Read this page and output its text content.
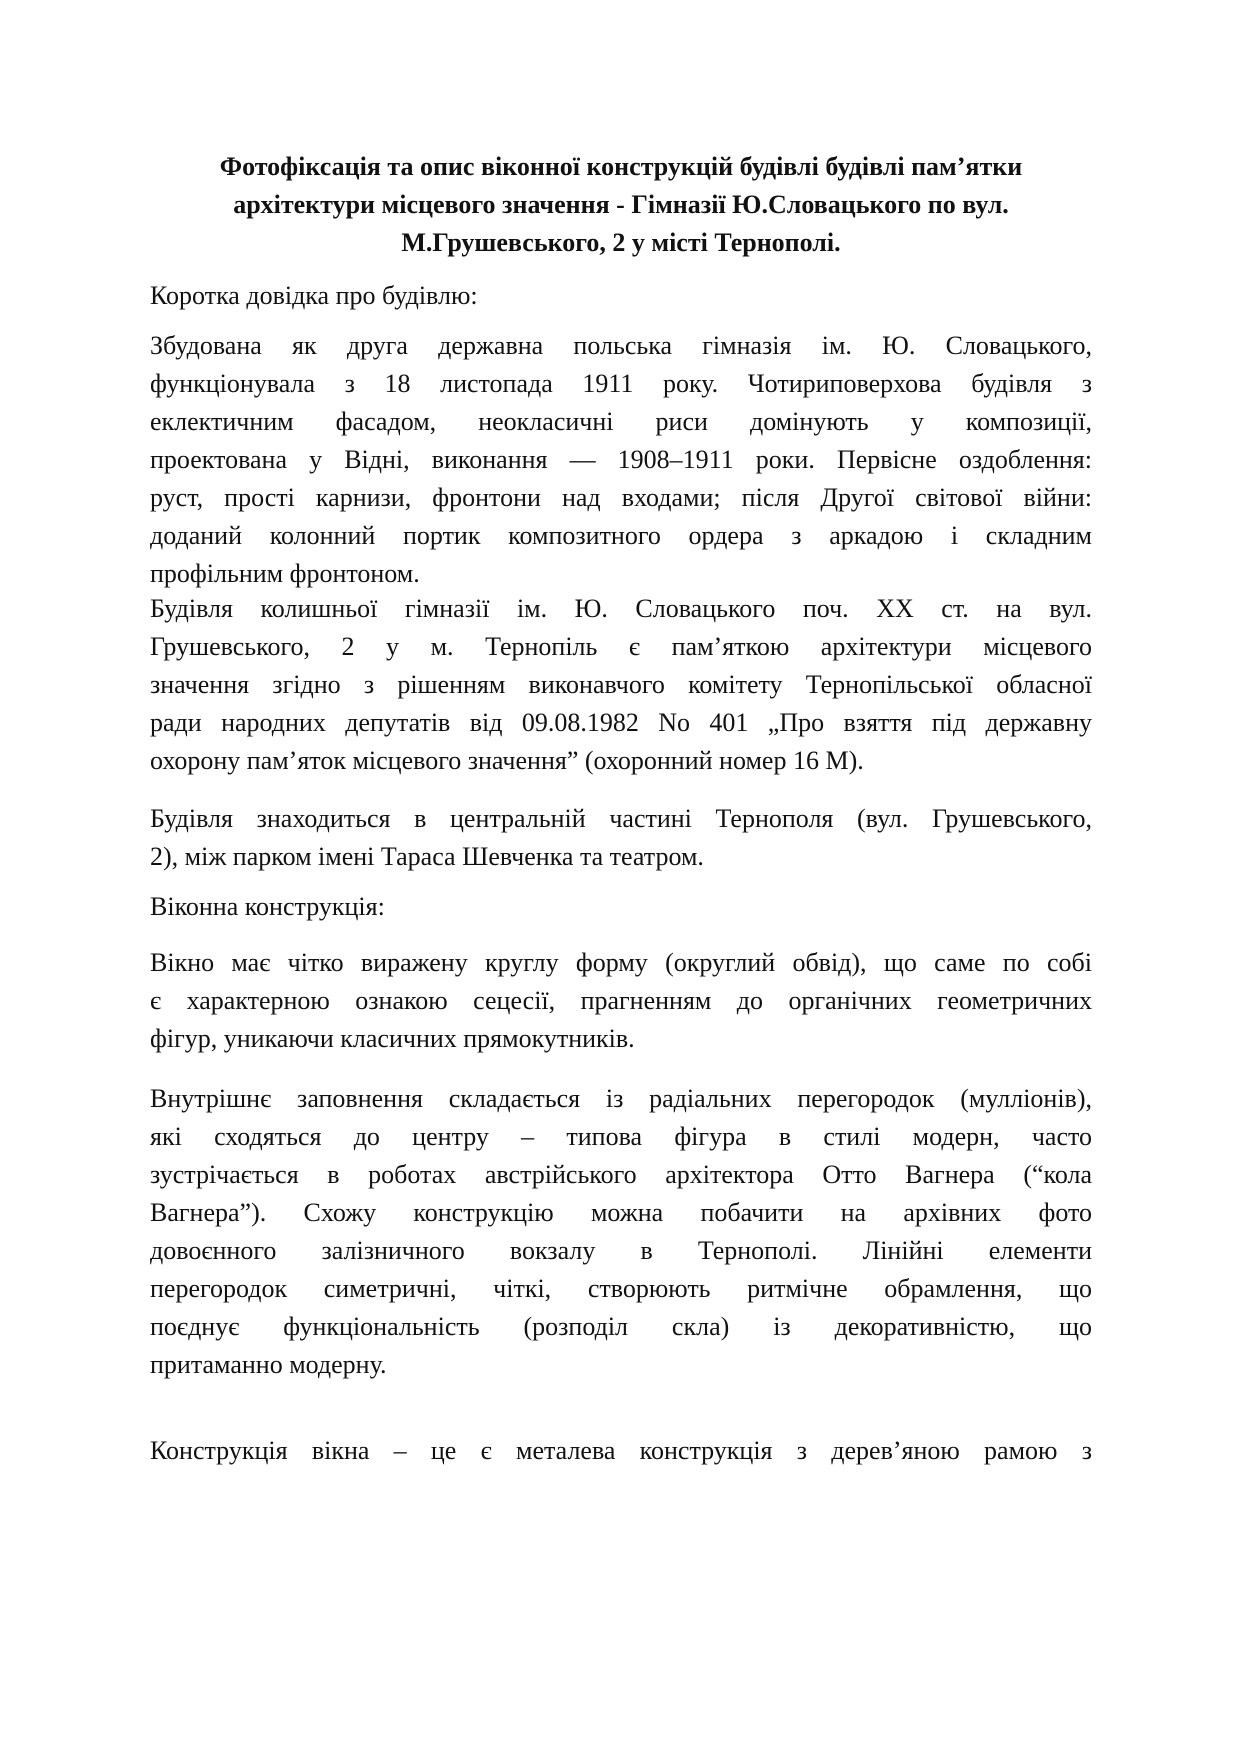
Фотофіксація та опис віконної конструкцій будівлі будівлі пам’ятки
архітектури місцевого значення - Гімназії Ю.Словацького по вул.
М.Грушевського, 2 у місті Тернополі.

Коротка довідка про будівлю:

Збудована як друга державна польська гімназія ім. Ю. Словацького,
функціонувала з 18 листопада 1911 року. Чотириповерхова будівля з
еклектичним фасадом, неокласичні риси домінують у композиції,
проектована у Відні, виконання — 1908–1911 роки. Первісне оздоблення:
руст, прості карнизи, фронтони над входами; після Другої світової війни:
доданий колонний портик композитного ордера з аркадою і складним
профільним фронтоном.

Будівля колишньої гімназії ім. Ю. Словацького поч. XX ст. на вул.
Грушевського, 2 у м. Тернопіль є пам’яткою архітектури місцевого
значення згідно з рішенням виконавчого комітету Тернопільської обласної
ради народних депутатів від 09.08.1982 No 401 „Про взяття під державну
охорону пам’яток місцевого значення” (охоронний номер 16 М).

Будівля знаходиться в центральній частині Тернополя (вул. Грушевського,
2), між парком імені Тараса Шевченка та театром.

Віконна конструкція:

Вікно має чітко виражену круглу форму (округлий обвід), що саме по собі
є характерною ознакою сецесії, прагненням до органічних геометричних
фігур, уникаючи класичних прямокутників.

Внутрішнє заповнення складається із радіальних перегородок (мулліонів),
які сходяться до центру – типова фігура в стилі модерн, часто
зустрічається в роботах австрійського архітектора Отто Вагнера (“кола
Вагнера”). Схожу конструкцію можна побачити на архівних фото
довоєнного залізничного вокзалу в Тернополі. Лінійні елементи
перегородок симетричні, чіткі, створюють ритмічне обрамлення, що
поєднує функціональність (розподіл скла) із декоративністю, що
притаманно модерну.

Конструкція вікна – це є металева конструкція з дерев’яною рамою з
